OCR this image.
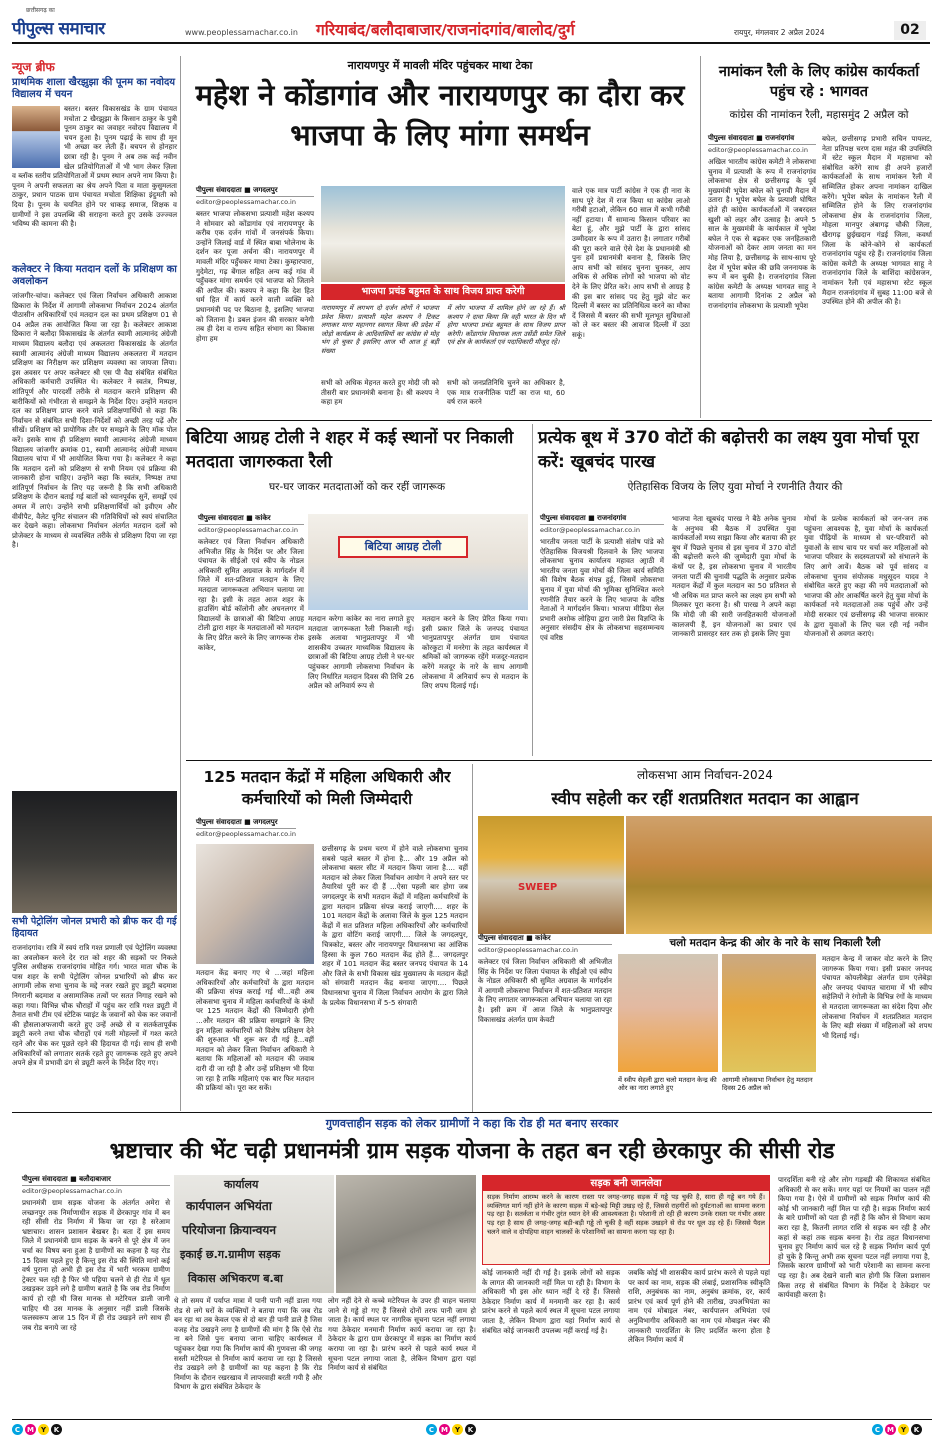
छत्तीसगढ़ का
पीपुल्स समाचार	www.peoplessamachar.co.in गरियाबंद/बलौदाबाजार/राजनांदगांव/बालोद/दुर्ग	रायपुर, मंगलवार 2 अप्रैल 2024	02
न्यूज ब्रीफ
प्राथमिक शाला खैरझुझा की पूनम का नवोदय विद्यालय में चयन
बस्तर। बस्तर विकासखंड के ग्राम पंचायत मचोता 2 खैरझुझा के किसान ठाकुर के पुत्री पूनम ठाकुर का जवाहर नवोदय विद्यालय में चयन हुआ है। पूनम पढ़ाई के साथ ही मून भी अच्छा कर लेती हैं। बचपन से होनहार छात्रा रही है। पूनम ने अब तक कई नवीन खेल प्रतियोगिताओं में भी भाग लेकर ज़िला व ब्लॉक स्तरीय प्रतियोगिताओं में प्रथम स्थान अपने नाम किया है। पूनम ने अपनी सफलता का श्रेय अपने पिता व माता कुसुमलता ठाकुर, प्रधान पाठक ग्राम पंचायत मचोता शिक्षिका इंदुमती को दिया है। पूनम के चयनित होने पर धाकड़ समाज, शिक्षक व ग्रामीणों ने इस उपलब्धि की सराहना करते हुए उसके उज्ज्वल भविष्य की कामना की है।
कलेक्टर ने किया मतदान दलों के प्रशिक्षण का अवलोकन
जांजगीर-चांपा। कलेक्टर एवं जिला निर्वाचन अधिकारी आकाश छिकारा के निर्देश में आगामी लोकसभा निर्वाचन 2024 अंतर्गत पीठासीन अधिकारियों एवं मतदान दल का प्रथम प्रशिक्षण 01 से 04 अप्रैल तक आयोजित किया जा रहा है। कलेक्टर आकाश छिकारा ने बलौदा विकासखंड के अंतर्गत स्वामी आत्मानंद अंग्रेजी माध्यम विद्यालय बलौदा एवं अकलतरा विकासखंड के अंतर्गत स्वामी आत्मानंद अंग्रेजी माध्यम विद्यालय अकलतरा में मतदान प्रशिक्षण का निरीक्षण कर प्रशिक्षण व्यवस्था का जायजा लिया। इस अवसर पर अपर कलेक्टर श्री एस पी वैद्य संबंधित संबंधित अधिकारी कर्मचारी उपस्थित थे। कलेक्टर ने स्वतंत्र, निष्पक्ष, शांतिपूर्ण और पारदर्शी तरीके से मतदान कराने प्रशिक्षण की बारीकियों को गंभीरता से समझने के निर्देश दिए। उन्होंने मतदान दल का प्रशिक्षण प्राप्त करने वाले प्रशिक्षणार्थियों से कहा कि निर्वाचन से संबंधित सभी दिशा-निर्देशों को अच्छी तरह पढ़ें और सीखें। प्रशिक्षण को प्रायोगिक तौर पर समझने के लिए मॉक पोल करें। इसके साथ ही प्रशिक्षण स्वामी आत्मानंद अंग्रेजी माध्यम विद्यालय जांजगीर क्रमांक 01, स्वामी आत्मानंद अंग्रेजी माध्यम विद्यालय चांपा में भी आयोजित किया गया है। कलेक्टर ने कहा कि मतदान दलों को प्रशिक्षण से सभी नियम एवं प्रक्रिया की जानकारी होना चाहिए। उन्होंने कहा कि स्वतंत्र, निष्पक्ष तथा शांतिपूर्ण निर्वाचन के लिए यह जरूरी है कि सभी अधिकारी प्रशिक्षण के दौरान बताई गई बातों को ध्यानपूर्वक सुनें, समझें एवं अमल में लाएं। उन्होंने सभी प्रशिक्षणार्थियों को इवीएम और वीवीपैट, वैलेट यूनिट संचालन की गतिविधियों को स्वयं संचालित कर देखने कहा। लोकसभा निर्वाचन अंतर्गत मतदान दलों को प्रोजेक्टर के माध्यम से व्यवस्थित तरीके से प्रशिक्षण दिया जा रहा है।
सभी पेट्रोलिंग जोनल प्रभारी को ब्रीफ कर दी गई हिदायत
राजनांदगांव। रात्रि में स्वयं रात्रि गश्त प्रणाली एवं पेट्रोलिंग व्यवस्था का अवलोकन करने देर रात को शहर की सड़कों पर निकले पुलिस अधीक्षक राजनांदगांव मोहित गर्ग। भारत माता चौक के पास शहर के सभी पेट्रोलिंग जोनल प्रभारियों को ब्रीफ कर आगामी लोक सभा चुनाव के मद्दे नजर रखते हुए ड्यूटी बदमाश निगरानी बदमाश व असामाजिक तत्वों पर सतत निगाह रखने को कहा गया। विभिन्न चौक चौराहों में पहुंच कर रात्रि गश्त ड्यूटी में तैनात सभी टीम एवं स्टेटिक प्वाइंट के जवानों को चेक कर जवानों की हौसलाअफजायी करते हुए उन्हें अच्छे से व सतर्कतापूर्वक ड्यूटी करने तथा चौक चौराहों एवं गली मोहल्लों में गश्त करते रहने और चेक कर पूछते रहने की हिदायत दी गई। साथ ही सभी अधिकारियों को लगातार सतर्क रहते हुए जागरूक रहते हुए अपने अपने क्षेत्र में प्रभावी ढंग से ड्यूटी करने के निर्देश दिए गए।
नारायणपुर में मावली मंदिर पहुंचकर माथा टेका
महेश ने कोंडागांव और नारायणपुर का दौरा कर भाजपा के लिए मांगा समर्थन
पीपुल्स संवाददाता ■ जगदलपुर
editor@peoplessamachar.co.in
बस्तर भाजपा लोकसभा प्रत्याशी महेश कश्यप ने सोमवार को कोंडागांव एवं नारायणपुर के करीब एक दर्जन गांवों में जनसंपर्क किया। उन्होंने जिलाई वार्ड में स्थित बाबा भोलेनाथ के दर्शन कर पूजा अर्चना की। नारायणपुर में मावली मंदिर पहुँचकर माथा टेका। कुम्हारपारा, गुदेमेटा, गढ़ बेंगाल सहित अन्य कई गांव में पहुँचकर मांगा समर्थन एवं भाजपा को जिताने की अपील की। कश्यप ने कहा कि देश हित धर्म हित में कार्य करने वाली व्यक्ति को प्रधानमंत्री पद पर बिठाना है, इसलिए भाजपा को जिताना है। डबल इंजन की सरकार बनेगी तब ही देश व राज्य सहित संभाग का विकास होगा हम
भाजपा प्रचंड बहुमत के साथ विजय प्राप्त करेगी
नारायणपुर में लगभग दो दर्जन लोगों ने भाजपा प्रवेश किया। प्रत्याशी महेश कश्यप ने टिकट लगाकर माना महानगर स्वागत किया की प्रदेश में जोड़ो कार्यक्रम के आदिवासियों का कांग्रेस से मोह भंग हो चुका है इसलिए आज भी आज हूं बड़ी संख्या
में लोग भाजपा में शामिल होने जा रहे हैं। श्री कश्यप ने दावा किया कि वही भारत के दिन भी होगा भाजपा प्रचंड बहुमत के साथ विजय प्राप्त करेगी। कोंडागांव विधायक लता उसेंडी समेत जिले एवं क्षेत्र के कार्यकर्ता एवं पदाधिकारी मौजूद रहे।
सभी को अधिक मेहनत करते हुए मोदी जी को तीसरी बार प्रधानमंत्री बनाना है। श्री कश्यप ने कहा हम
सभी को जनप्रतिनिधि चुनने का अधिकार है, एक मात्र राजनीतिक पार्टी का राज था, 60 वर्ष राज करने
वाले एक मात्र पार्टी कांग्रेस ने एक ही नारा के साथ पूरे देश में राज किया था कांग्रेस लाओ गरीबी हटाओ, लेकिन 60 साल में कभी गरीबी नहीं हटाया। मैं सामान्य किसान परिवार का बेटा हूं, और मुझे पार्टी के द्वारा सांसद उम्मीदवार के रूप में उतारा है। लगातार गरीबों की पूरा करने वाले ऐसे देश के प्रधानमंत्री श्री पुनः हमें प्रधानमंत्री बनाना है, जिसके लिए आप सभी को सांसद चुनना चुनकर, आप अधिक से अधिक लोगों को भाजपा को वोट देने के लिए प्रेरित करे। आप सभी से आग्रह है की इस बार सांसद पद हेतु मुझे वोट कर दिल्ली में बस्तर का प्रतिनिधित्व करने का मौका दें जिससे मैं बस्तर की सभी मूलभूत सुविधाओं को ले कर बस्तर की आवाज दिल्ली में उठा सकूं।
नामांकन रैली के लिए कांग्रेस कार्यकर्ता पहुंच रहे : भागवत
कांग्रेस की नामांकन रैली, महासमुंद 2 अप्रैल को
पीपुल्स संवाददाता ■ राजनांदगांव
editor@peoplessamachar.co.in
अखिल भारतीय कांग्रेस कमेटी ने लोकसभा चुनाव में प्रत्याशी के रूप में राजनांदगांव लोकसभा क्षेत्र से छत्तीसगढ़ के पूर्व मुख्यमंत्री भूपेश बघेल को चुनावी मैदान में उतारा है। भूपेश बघेल के प्रत्याशी घोषित होते ही कांग्रेस कार्यकर्ताओं में जबरदस्त खुशी को लहर और उत्साह है। अपने 5 साल के मुख्यमंत्री के कार्यकाल में भूपेश बघेल ने एक से बढ़कर एक जनहितकारी योजनाओं को देकर आम जनता का मन मोह लिया है, छत्तीसगढ़ के साथ-साथ पूरे देश में भूपेश बघेल की छवि जननायक के रूप में बन चुकी है। राजनांदगांव जिला कांग्रेस कमेटी के अध्यक्ष भागवत साहू ने बताया आगामी दिनांक 2 अप्रैल को राजनांदगांव लोकसभा के प्रत्याशी भूपेश
बघेल, छत्तीसगढ़ प्रभारी सचिन पायलट, नेता प्रतिपक्ष चरण दास महंत की उपस्थिति में स्टेट स्कूल मैदान में महासभा को संबोधित करेंगे साथ ही अपने हजारों कार्यकर्ताओं के साथ नामांकन रैली में सम्मिलित होकर अपना नामांकन दाखिल करेंगे। भूपेश बघेल के नामांकन रैली में सम्मिलित होने के लिए राजनांदगांव लोकसभा क्षेत्र के राजनांदगांव जिला, मोहला मानपुर अंबागढ़ चौकी जिला, खैरागढ़ छुईखदान गंडई जिला, कवर्धा जिला के कोने-कोने से कार्यकर्ता राजनांदगांव पहुंच रहे हैं। राजनांदगांव जिला कांग्रेस कमेटी के अध्यक्ष भागवत साहू ने राजनांदगांव जिले के बाशिंदा कांग्रेसजन, नामांकन रैली एवं महासभा स्टेट स्कूल मैदान राजनांदगांव में सुबह 11:00 बजे से उपस्थित होने की अपील की है।
बिटिया आग्रह टोली ने शहर में कई स्थानों पर निकाली मतदाता जागरुकता रैली
घर-घर जाकर मतदाताओं को कर रहीं जागरूक
पीपुल्स संवाददाता ■ कांकेर
editor@peoplessamachar.co.in
कलेक्टर एवं जिला निर्वाचन अधिकारी अभिजीत सिंह के निर्देश पर और जिला पंचायत के सीईओ एवं स्वीप के नोडल अधिकारी सुमित अग्रवाल के मार्गदर्शन में जिले में शत-प्रतिशत मतदान के लिए मतदाता जागरूकता अभियान चलाया जा रहा है। इसी के तहत आज शहर के हाउसिंग बोर्ड कॉलोनी और अघनलगर में विद्यालयों के छात्राओं की बिटिया आग्रह टोली द्वारा शहर के मतदाताओं को मतदान के लिए प्रेरित करने के लिए जागरूक रोक कांकेर,
बिटिया आग्रह टोली
मतदान करेगा कांकेर का नारा लगाते हुए मतदाता जागरूकता रैली निकाली गई। इसके अलावा भानुप्रतापपुर में भी शासकीय उच्चतर माध्यमिक विद्यालय के छात्राओं की बिटिया आग्रह टोली ने घर-घर पहुंचकर आगामी लोकसभा निर्वाचन के लिए निर्धारित मतदान दिवस की तिथि 26 अप्रैल को अनिवार्य रूप से
मतदान करने के लिए प्रेरित किया गया। इसी प्रकार जिले के जनपद पंचायत भानुप्रतापपुर अंतर्गत ग्राम पंचायत कोरकुटा में मनरेगा के तहत कार्यस्थल में श्रमिकों को जागरूक रहेंगे मजदूर-मतदान करेंगे मजदूर के नारे के साथ आगामी लोकसभा में अनिवार्य रूप से मतदान के लिए शपथ दिलाई गई।
प्रत्येक बूथ में 370 वोटों की बढ़ोत्तरी का लक्ष्य युवा मोर्चा पूरा करें: खूबचंद पारख
ऐतिहासिक विजय के लिए युवा मोर्चा ने रणनीति तैयार की
पीपुल्स संवाददाता ■ राजनांदगांव
editor@peoplessamachar.co.in
भारतीय जनता पार्टी के प्रत्याशी संतोष पांडे को ऐतिहासिक विजयश्री दिलवाने के लिए भाजपा लोकसभा चुनाव कार्यालय महावत आ्राठी में भारतीय जनता युवा मोर्चा की जिला कार्य समिति की विशेष बैठक संपन्न हुई, जिसमें लोकसभा चुनाव में युवा मोर्चा की भूमिका सुनिश्चित करने रणनीति तैयार करने के लिए भाजपा के वरिष्ठ नेताओं ने मार्गदर्शन किया। भाजपा मीडिया सेल प्रभारी अशोक लोहिया द्वारा जारी प्रेस विज्ञप्ति के अनुसार संसदीय क्षेत्र के लोकसभा सहसम्मन्वय एवं वरिष्ठ
भाजपा नेता खूबचंद पारख ने बैठे अनेक चुनाव के अनुभव की बैठक में उपस्थित युवा कार्यकर्ताओं मध्य साझा किया और बताया की हर बूथ में पिछले चुनाव से इस चुनाव में 370 वोटों की बढ़ोत्तरी करने की जुम्मेदारी युवा मोर्चा के कंधों पर है, इस लोकसभा चुनाव में भारतीय जनता पार्टी की चुनावी पद्धति के अनुसार प्रत्येक मतदान केंद्रों में कुल मतदान का 50 प्रतिशत से भी अधिक मत प्राप्त करने का लक्ष्य हम सभी को मिलकर पूरा करना है। श्री पारख ने अपने कहा कि मोदी जी की सारी जनहितकारी योजनाओं कालजयी हैं, इन योजनाओं का प्रचार एवं जानकारी प्रासरहर स्तर तक हो इसके लिए युवा
मोर्चा के प्रत्येक कार्यकर्ता को जन-जन तक पहुंचना आवश्यक है, युवा मोर्चा के कार्यकर्ता युवा पीढ़ियों के माध्यम से घर-परिवारों को युवाओं के साथ चाय पर चर्चा कर महिलाओं को भाजपा परिवार के सदस्यतापत्रों को संभालने के लिए आगे आवें। बैठक को पूर्व सांसद व लोकसभा चुनाव संयोजक मधुसूदन यादव ने संबोधित करते हुए कहा की नये मतदाताओं को भाजपा की ओर आकर्षित करने हेतु युवा मोर्चा के कार्यकर्ता नये मतदाताओं तक पहुंचें और उन्हें मोदी सरकार एवं छत्तीसगढ़ की भाजपा सरकार के द्वारा युवाओं के लिए चल रही नई नवीन योजनाओं से अवगत कराएं।
125 मतदान केंद्रों में महिला अधिकारी और कर्मचारियों को मिली जिम्मेदारी
पीपुल्स संवाददाता ■ जगदलपुर
editor@peoplessamachar.co.in
छत्तीसगढ़ के प्रथम चरण में होने वाले लोकसभा चुनाव सबसे पहले बस्तर में होना है... और 19 अप्रैल को लोकसभा बस्तर सीट में मतदान किया जाना है.... वहीं मतदान को लेकर जिला निर्वाचन आयोग ने अपने स्तर पर तैयारियां पूरी कर दी हैं ...ऐसा पहली बार होगा जब जगदलपुर के सभी मतदान केंद्रों में महिला कर्मचारियों के द्वारा मतदान प्रक्रिया संपन्न कराई जाएगी.... शहर के 101 मतदान केंद्रों के अलावा जिले के कुल 125 मतदान केंद्रों में सत प्रतिशत महिला अधिकारियों और कर्मचारियों के द्वारा वोटिंग कराई जाएगी.... जिले के जगदलपुर, चित्रकोट, बस्तर और नारायणपुर विधानसभा का आंशिक हिस्सा के कुल 760 मतदान केंद्र होते हैं... जगदलपुर शहर में 101 मतदान केंद्र बस्तर जनपद पंचायत के 14 और जिले के सभी विकास खंड मुख्यालय के मतदान केंद्रों को संगवारी मतदान केंद्र बनाया जाएगा.... पिछले विधानसभा चुनाव में जिला निर्वाचन आयोग के द्वारा जिले के प्रत्येक विधानसभा में 5-5 संगवारी
मतदान केंद्र बनाए गए थे ...जहां महिला अधिकारियों और कर्मचारियों के द्वारा मतदान की प्रक्रिया संपन्न कराई गई थी...वही अब लोकसभा चुनाव में महिला कर्मचारियों के कंधों पर 125 मतदान केंद्रों की जिम्मेदारी होगी ...और मतदान की प्रक्रिया समझाने के लिए इन महिला कर्मचारियों को विशेष प्रशिक्षण देने की शुरुआत भी शुरू कर दी गई है...वहीं मतदान को लेकर जिला निर्वाचन अधिकारी ने बताया कि महिलाओं को मतदान की जवाब दारी दी जा रही है और उन्हें प्रशिक्षण भी दिया जा रहा है ताकि महिलाएं एक बार फिर मतदान की प्रक्रियां को। पूरा कर सकें।
लोकसभा आम निर्वाचन-2024
स्वीप सहेली कर रहीं शतप्रतिशत मतदान का आह्वान
SWEEP
चलो मतदान केन्द्र की ओर के नारे के साथ निकाली रैली
पीपुल्स संवाददाता ■ कांकेर
editor@peoplessamachar.co.in
कलेक्टर एवं जिला निर्वाचन अधिकारी श्री अभिजीत सिंह के निर्देश पर जिला पंचायत के सीईओ एवं स्वीप के नोडल अधिकारी श्री सुमित अग्रवाल के मार्गदर्शन में आगामी लोकसभा निर्वाचन में शत-प्रतिशत मतदान के लिए लगातार जागरूकता अभियान चलाया जा रहा है। इसी क्रम में आज जिले के भानुप्रतापपुर विकासखंड अंतर्गत ग्राम केवटी
में स्वीप सेहली द्वारा चलो मतदान केन्द्र की ओर का नारा लगाते हुए
आगामी लोकसभा निर्वाचन हेतु मतदान दिवस 26 अप्रैल को
मतदान केन्द्र में जाकर वोट करने के लिए जागरूक किया गया। इसी प्रकार जनपद पंचायत कोयलीबेड़ा अंतर्गत ग्राम एलेबेड़ा और जनपद पंचायत चारामा में भी स्वीप सहेलियों ने रंगोली के विभिन्न रंगों के माध्यम से मतदाता जागरूकता का संदेश दिया और लोकसभा निर्वाचन में शतप्रतिशत मतदान के लिए बड़ी संख्या में महिलाओं को शपथ भी दिलाई गई।
गुणवत्ताहीन सड़क को लेकर ग्रामीणों ने कहा कि रोड ही मत बनाए सरकार
भ्रष्टाचार की भेंट चढ़ी प्रधानमंत्री ग्राम सड़क योजना के तहत बन रही छेरकापुर की सीसी रोड
पीपुल्स संवाददाता ■ बलौदाबाजार
editor@peoplessamachar.co.in
प्रधानमंत्री ग्राम सड़क योजना के अंतर्गत अमेरा से लच्छनपुर तक निर्माणाधीन सड़क में छेरकापुर गांव में बन रही सीसी रोड निर्माण में किया जा रहा है सरेआम भ्रष्टाचार। शासन प्रशासन बेखबर है। बता दें इस समय जिले में प्रधानमंत्री ग्राम सड़क के बनने से पूरे क्षेत्र में जन चर्चा का विषय बना हुआ है ग्रामीणों का कहना है यह रोड 15 दिवस पहले हुए है किन्तु इस रोड की स्थिति मानो कई वर्ष पुराना हो अभी ही इस रोड में भारी भरकम ग्रामीण ट्रेक्टर चल रही है फिर भी पहिया चलने से ही रोड में धूल उखड़कर उड़ने लगे है ग्रामीण बताते है कि जब रोड निर्माण कार्य हो रही थी जिस मानक से मटेरियल डाली जानी चाहिए थी उस मानक के अनुसार नहीं डाली जिसके फलस्वरूप आज 15 दिन में ही रोड उखड़ने लगे साथ ही जब रोड बनाये जा रहे
कार्यालय
कार्यपालन अभियंता
परियोजना क्रियान्वयन
इकाई छ.ग.ग्रामीण सड़क
विकास अभिकरण ब.बा
थे तो समय में पर्याप्त मात्रा में पानी पानी नहीं डाला गया रोड से लगे घरों के व्यक्तियों ने बताया गया कि जब रोड बन रहा था तब केवल एक से दो बार ही पानी डाले है जिस वजह रोड उखड़ने लगा है ग्रामीणों की मांग है कि ऐसे रोड ना बने जिसे पुनः बनाया जाना चाहिए कार्यस्थल में पहुंचकर देखा गया कि निर्माण कार्य की गुणवत्ता की जगह सस्ती मटेरियल से निर्माण कार्य कराया जा रहा है जिससे रोड उखड़ने लगे है ग्रामीणों का यह कहना है कि रोड निर्माण के दौरान रखरखाव में लापरवाही बरती गयी है और विभाग के द्वारा संबंधित ठेकेदार के
लोग नहीं देने से कच्चे मटेरियल के उपर ही वाहन चलाया जाने से गड्ढे हो गए हैं जिससे दोनों तरफ पानी जाम हो जाता है। कार्य स्थल पर नागरिक सूचना पटल नहीं लगाया गया ठेकेदार मनमानी निर्माण कार्य कराया जा रहा है। ठेकेदार के द्वारा ग्राम छेरकापुर में सड़क का निर्माण कार्य कराया जा रहा है। प्रारंभ करने से पहले कार्य स्थल में सूचना पटल लगाया जाता है, लेकिन विभाग द्वारा यहां निर्माण कार्य से संबंधित
सड़क बनी जानलेवा
सड़क निर्माण आरम्भ करने के कारण रास्ता पर जगह-जगह सड़क में गड्ढे पड़ चुकी है, सारा ही गड्ढे बन गये हैं। व्यक्तिगत मार्ग नहीं होने के कारण सड़क में बड़े-बड़े मिट्टी उखड़ रहे हैं, जिससे राहगीरों को दुर्घटनाओं का सामना करना पड़ रहा है। सतर्कता व गंभीर तुरंत ध्यान देने की आवश्यकता है। परेशानी तो रही ही कारण उनके रास्ता पर गंभीर असर पड़ रहा है साथ ही जगह-जगह बड़ी-बड़ी गड्ढे तो चुकी है वहीं सड़क उखड़ने से रोड पर धूल उड़ रहे हैं। जिससे पैदल चलने वाले व दोपहिया वाहन चालकों के परेशानियों का सामना करना पड़ रहा है।
कोई जानकारी नहीं दी गई है। इसके लोगों को सड़क के लागत की जानकारी नहीं मिल पा रही है। विभाग के अधिकारी भी इस ओर ध्यान नहीं दे रहे हैं। जिससे ठेकेदार निर्माण कार्य में मनमानी कर रहा है। कार्य प्रारंभ करने से पहले कार्य स्थल में सूचना पटल लगाया जाता है, लेकिन विभाग द्वारा यहां निर्माण कार्य से संबंधित कोई जानकारी उपलब्ध नहीं कराई गई है।
जबकि कोई भी शासकीय कार्य प्रारंभ करने से पहले यहां पर कार्य का नाम, सड़क की लंबाई, प्रशासनिक स्वीकृति राशि, अनुबंधक का नाम, अनुबंध क्रमांक, दर, कार्य प्रारंभ एवं कार्य पूर्ण होने की तारीख, उपअभियंता का नाम एवं मोबाइल नंबर, कार्यपालन अभियंता एवं अनुविभागीय अधिकारी का नाम एवं मोबाइल नंबर की जानकारी पारदर्शिता के लिए प्रदर्शित करना होता है लेकिन निर्माण कार्य में
पारदर्शिता बनी रहे और लोग गड़बड़ी की शिकायत संबंधित अधिकारी से कर सकें। मगर यहां पर नियमों का पालन नहीं किया गया है। ऐसे में ग्रामीणों को सड़क निर्माण कार्य की कोई भी जानकारी नहीं मिल पा रही है। सड़क निर्माण कार्य के बारे ग्रामीणों को पता ही नहीं है कि कौन से विभाग काम करा रहा है, कितनी लागत राशि से सड़क बन रही है और कहां से कहां तक सड़क बनना है। रोड तहत विधानसभा चुनाव हुए निर्माण कार्य चल रहे है सड़क निर्माण कार्य पूर्ण हो चुके है किन्तु अभी तक सूचना पटल नहीं लगाया गया है, जिसके कारण ग्रामीणों को भारी परेशानी का सामना करना पड़ रहा है। अब देखने वाली बात होगी कि जिला प्रशासन किस तरह से संबंधित विभाग के निर्देश दे ठेकेदार पर कार्यवाही करता है।
C M Y	K	C M Y	K	C M Y	K
